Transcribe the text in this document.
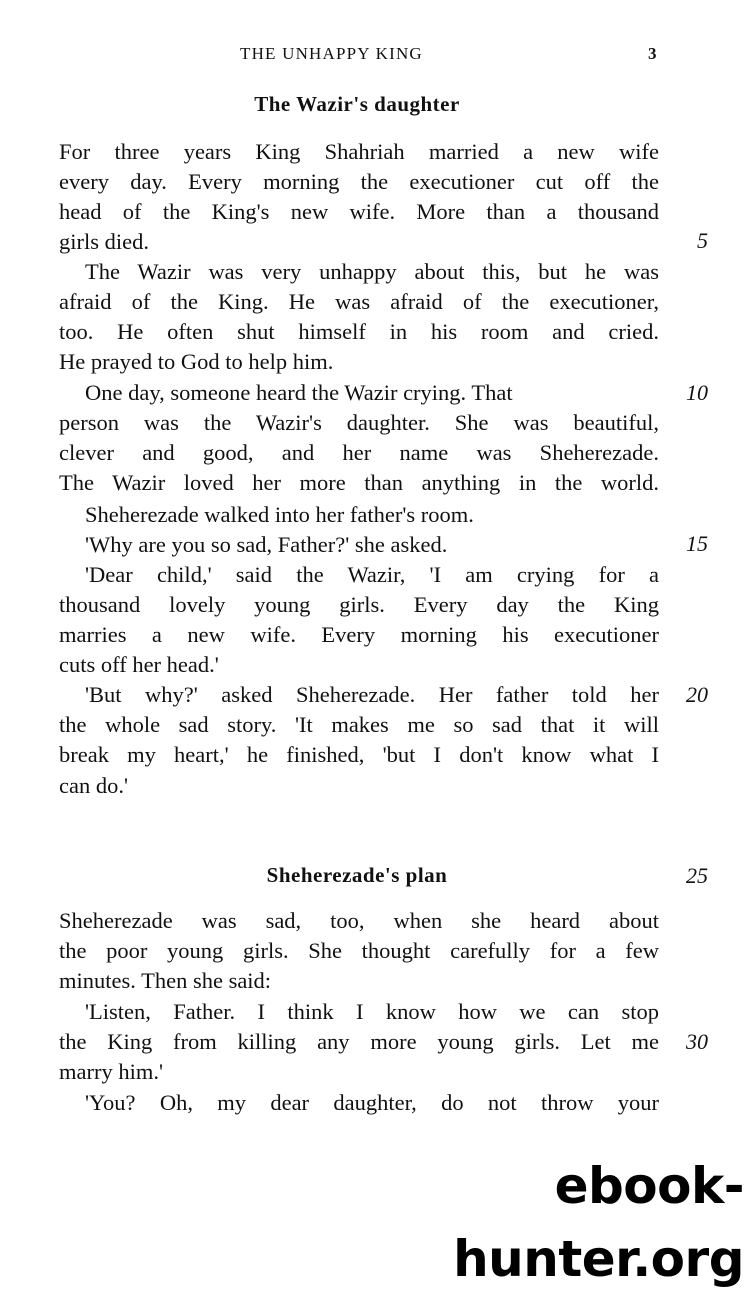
THE UNHAPPY KING	3
The Wazir's daughter
For three years King Shahriah married a new wife
every day. Every morning the executioner cut off the
head of the King's new wife. More than a thousand
girls died.	5
The Wazir was very unhappy about this, but he was
afraid of the King. He was afraid of the executioner,
too. He often shut himself in his room and cried.
He prayed to God to help him.
One day, someone heard the Wazir crying. That	10
person was the Wazir's daughter. She was beautiful,
clever and good, and her name was Sheherezade.
The Wazir loved her more than anything in the world.
Sheherezade walked into her father's room.
'Why are you so sad, Father?' she asked.	15
'Dear child,' said the Wazir, 'I am crying for a
thousand lovely young girls. Every day the King
marries a new wife. Every morning his executioner
cuts off her head.'
'But why?' asked Sheherezade. Her father told her	20
the whole sad story. 'It makes me so sad that it will
break my heart,' he finished, 'but I don't know what I
can do.'
Sheherezade's plan	25
Sheherezade was sad, too, when she heard about
the poor young girls. She thought carefully for a few
minutes. Then she said:
'Listen, Father. I think I know how we can stop
the King from killing any more young girls. Let me	30
marry him.'
'You? Oh, my dear daughter, do not throw your
ebook-hunter.org
